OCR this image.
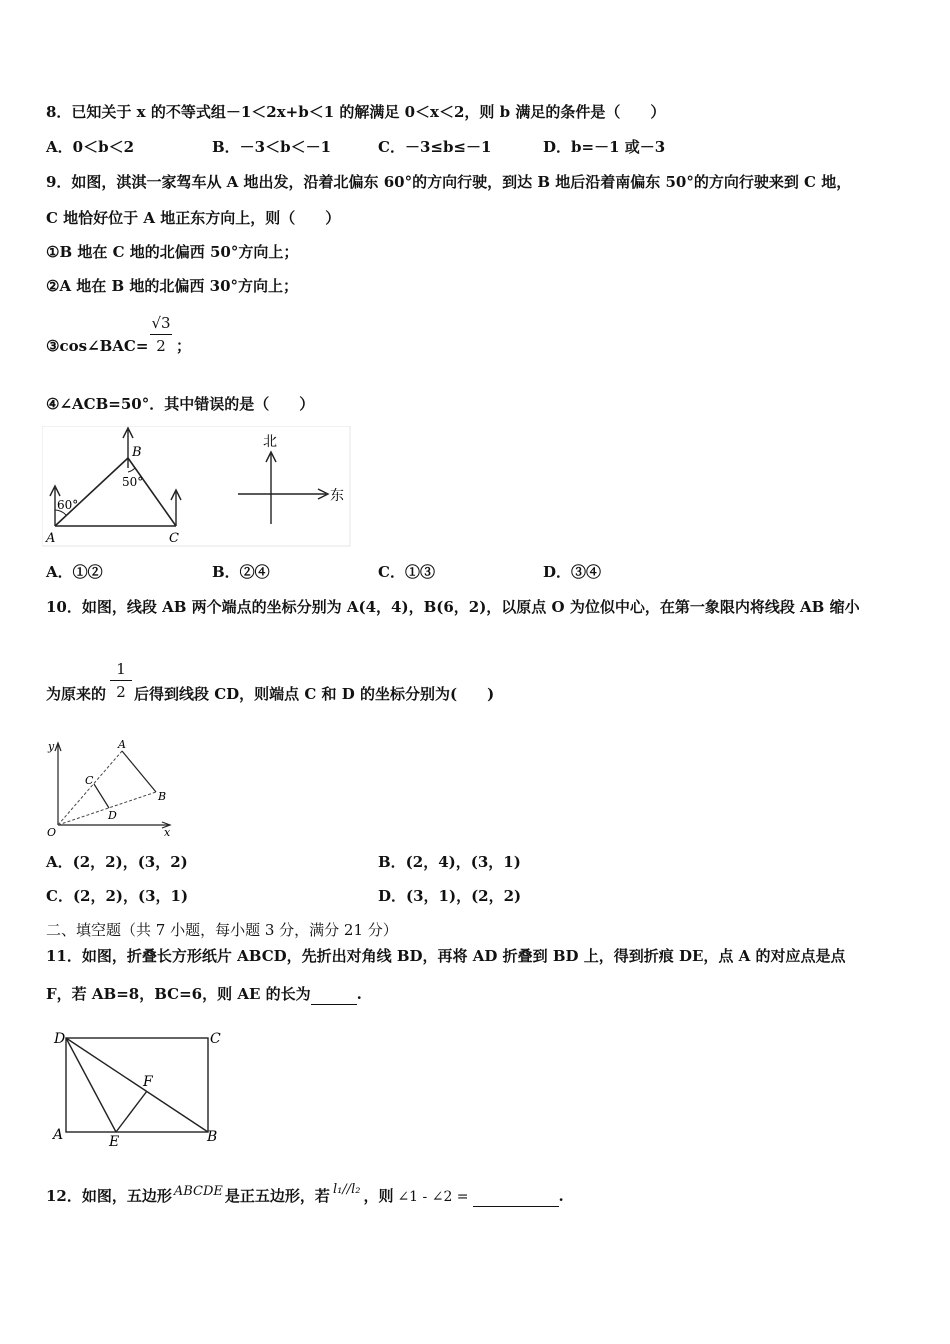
8．已知关于 x 的不等式组－1＜2x+b＜1 的解满足 0＜x＜2，则 b 满足的条件是（　　）
A．0＜b＜2	B．－3＜b＜－1	C．－3≤b≤－1	D．b=－1 或－3
9．如图，淇淇一家驾车从 A 地出发，沿着北偏东 60°的方向行驶，到达 B 地后沿着南偏东 50°的方向行驶来到 C 地，
C 地恰好位于 A 地正东方向上，则（　　）
①B 地在 C 地的北偏西 50°方向上；
②A 地在 B 地的北偏西 30°方向上；
③cos∠BAC=
√3
2 ；
④∠ACB=50°．其中错误的是（　　）
A
B
C
60°
50°
北
东
A．①②	B．②④	C．①③	D．③④
10．如图，线段 AB 两个端点的坐标分别为 A(4，4)，B(6，2)，以原点 O 为位似中心，在第一象限内将线段 AB 缩小
为原来的
1
2 后得到线段 CD，则端点 C 和 D 的坐标分别为(　　)
y
x
O
A
B
C
D
A．(2，2)，(3，2)	B．(2，4)，(3，1)
C．(2，2)，(3，1)	D．(3，1)，(2，2)
二、填空题（共 7 小题，每小题 3 分，满分 21 分）
11．如图，折叠长方形纸片 ABCD，先折出对角线 BD，再将 AD 折叠到 BD 上，得到折痕 DE，点 A 的对应点是点
F，若 AB=8，BC=6，则 AE 的长为	.
D	C
A	B
E
F
12．如图，五边形 ABCDE 是正五边形，若 l₁//l₂ ，则 ∠1 - ∠2 =	.
